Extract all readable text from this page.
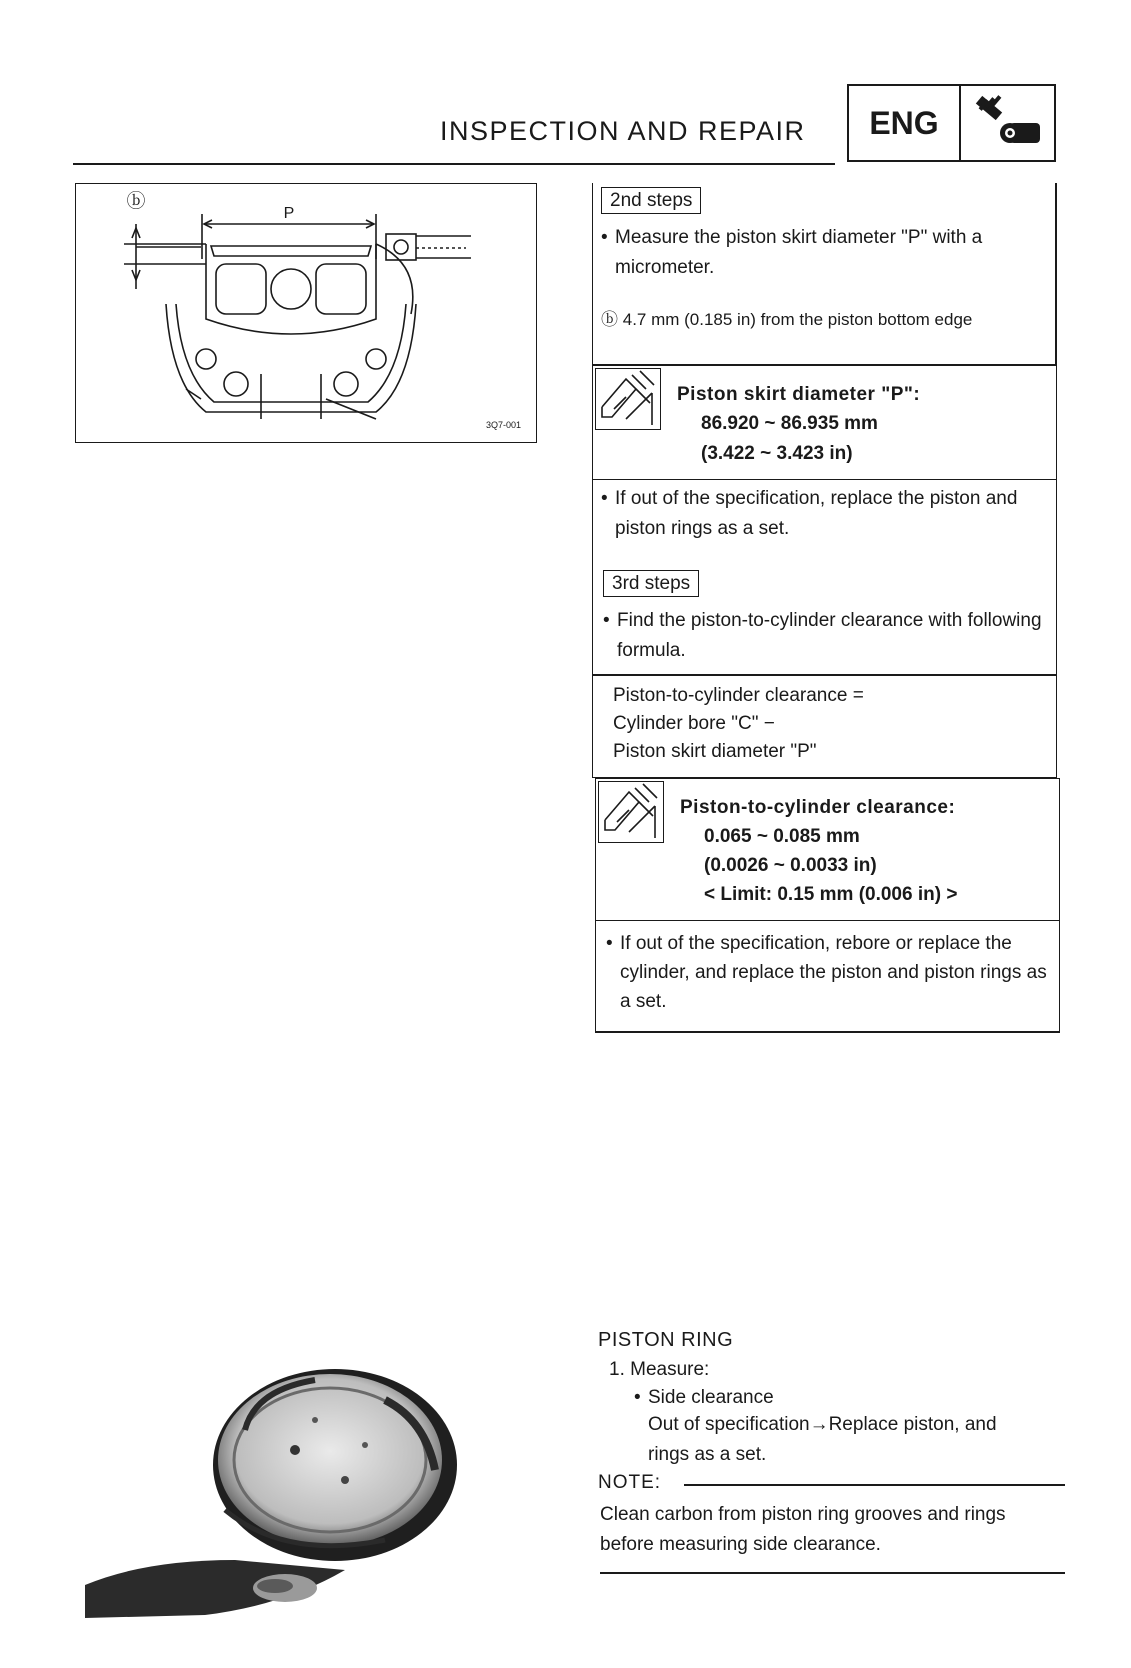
INSPECTION AND REPAIR	ENG
ⓑ
P
3Q7-001
2nd steps
• Measure the piston skirt diameter "P" with a micrometer.
ⓑ 4.7 mm (0.185 in) from the piston bottom edge
Piston skirt diameter "P":
86.920 ~ 86.935 mm
(3.422 ~ 3.423 in)
• If out of the specification, replace the piston and piston rings as a set.
3rd steps
• Find the piston-to-cylinder clearance with following formula.
Piston-to-cylinder clearance =
Cylinder bore "C" −
Piston skirt diameter "P"
Piston-to-cylinder clearance:
0.065 ~ 0.085 mm
(0.0026 ~ 0.0033 in)
< Limit: 0.15 mm (0.006 in) >
• If out of the specification, rebore or replace the cylinder, and replace the piston and piston rings as a set.
PISTON RING
1. Measure:
• Side clearance
Out of specification→Replace piston, and
rings as a set.
NOTE:
Clean carbon from piston ring grooves and rings
before measuring side clearance.
